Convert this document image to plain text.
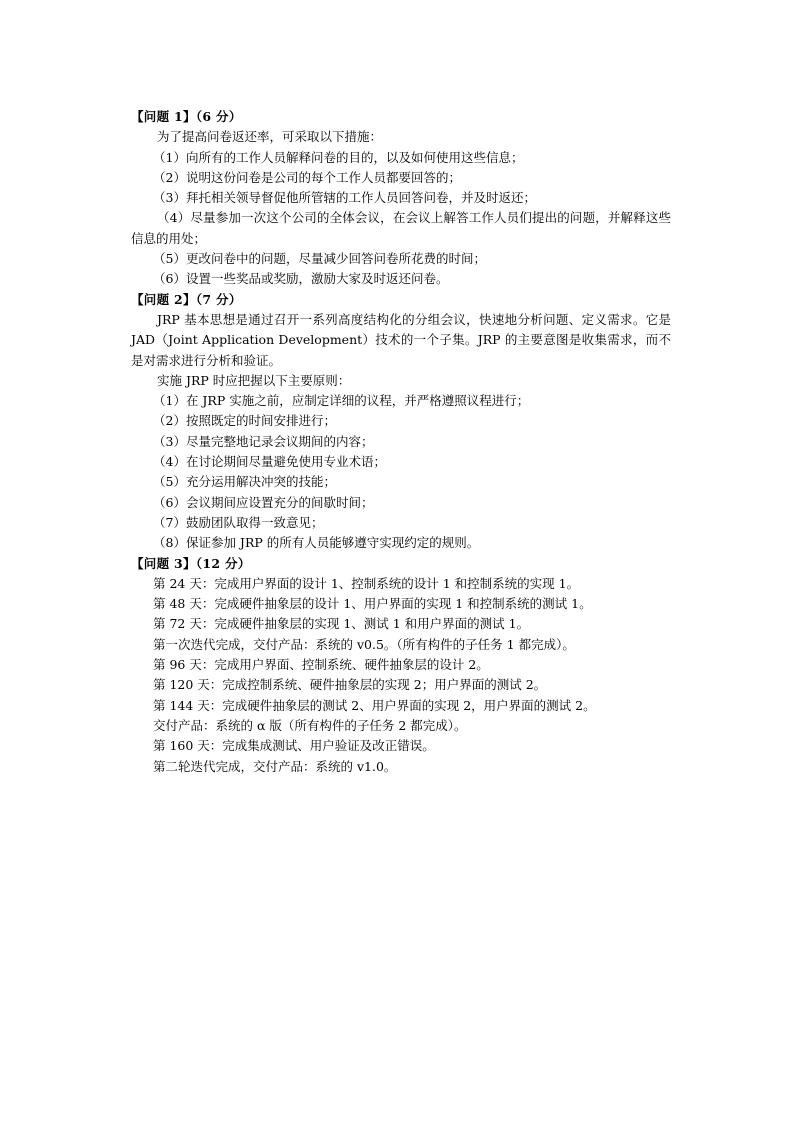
【问题 1】（6 分）
为了提高问卷返还率，可采取以下措施：
（1）向所有的工作人员解释问卷的目的，以及如何使用这些信息；
（2）说明这份问卷是公司的每个工作人员都要回答的；
（3）拜托相关领导督促他所管辖的工作人员回答问卷，并及时返还；
（4）尽量参加一次这个公司的全体会议，在会议上解答工作人员们提出的问题，并解释这些信息的用处；
（5）更改问卷中的问题，尽量减少回答问卷所花费的时间；
（6）设置一些奖品或奖励，激励大家及时返还问卷。
【问题 2】（7 分）
JRP 基本思想是通过召开一系列高度结构化的分组会议，快速地分析问题、定义需求。它是 JAD（Joint Application Development）技术的一个子集。JRP 的主要意图是收集需求，而不是对需求进行分析和验证。
实施 JRP 时应把握以下主要原则：
（1）在 JRP 实施之前，应制定详细的议程，并严格遵照议程进行；
（2）按照既定的时间安排进行；
（3）尽量完整地记录会议期间的内容；
（4）在讨论期间尽量避免使用专业术语；
（5）充分运用解决冲突的技能；
（6）会议期间应设置充分的间歇时间；
（7）鼓励团队取得一致意见；
（8）保证参加 JRP 的所有人员能够遵守实现约定的规则。
【问题 3】（12 分）
第 24 天：完成用户界面的设计 1、控制系统的设计 1 和控制系统的实现 1。
第 48 天：完成硬件抽象层的设计 1、用户界面的实现 1 和控制系统的测试 1。
第 72 天：完成硬件抽象层的实现 1、测试 1 和用户界面的测试 1。
第一次迭代完成，交付产品：系统的 v0.5。（所有构件的子任务 1 都完成）。
第 96 天：完成用户界面、控制系统、硬件抽象层的设计 2。
第 120 天：完成控制系统、硬件抽象层的实现 2；用户界面的测试 2。
第 144 天：完成硬件抽象层的测试 2、用户界面的实现 2，用户界面的测试 2。
交付产品：系统的 α 版（所有构件的子任务 2 都完成）。
第 160 天：完成集成测试、用户验证及改正错误。
第二轮迭代完成，交付产品：系统的 v1.0。
